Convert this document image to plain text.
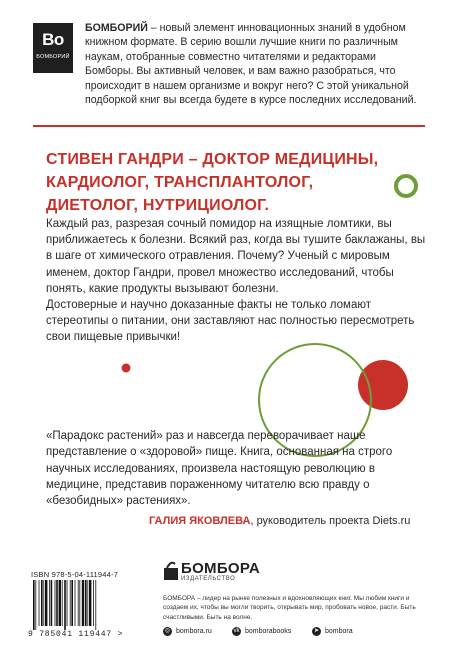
Bo
БОМБОРИЙ
БОМБОРИЙ – новый элемент инновационных знаний в удобном книжном формате. В серию вошли лучшие книги по различным наукам, отобранные совместно читателями и редакторами Бомборы. Вы активный человек, и вам важно разобраться, что происходит в нашем организме и вокруг него? С этой уникальной подборкой книг вы всегда будете в курсе последних исследований.
СТИВЕН ГАНДРИ – ДОКТОР МЕДИЦИНЫ, КАРДИОЛОГ, ТРАНСПЛАНТОЛОГ, ДИЕТОЛОГ, НУТРИЦИОЛОГ.

Каждый раз, разрезая сочный помидор на изящные ломтики, вы приближаетесь к болезни. Всякий раз, когда вы тушите баклажаны, вы в шаге от химического отравления. Почему? Ученый с мировым именем, доктор Гандри, провел множество исследований, чтобы понять, какие продукты вызывают болезни.

Достоверные и научно доказанные факты не только ломают стереотипы о питании, они заставляют нас полностью пересмотреть свои пищевые привычки!

«Парадокс растений» раз и навсегда переворачивает наше представление о «здоровой» пище. Книга, основанная на строго научных исследованиях, произвела настоящую революцию в медицине, представив пораженному читателю всю правду о «безобидных» растениях».
ГАЛИЯ ЯКОВЛЕВА, руководитель проекта Diets.ru
ISBN 978-5-04-111944-7
9 785041 119447 >
БОМБОРА
ИЗДАТЕЛЬСТВО
БОМБОРА – лидер на рынке полезных и вдохновляющих книг. Мы любим книги и создаем их, чтобы вы могли творить, открывать мир, пробовать новое, расти. Быть счастливыми. Быть на волне.
◎ bombora.ru	vk bomborabooks	➤ bombora
